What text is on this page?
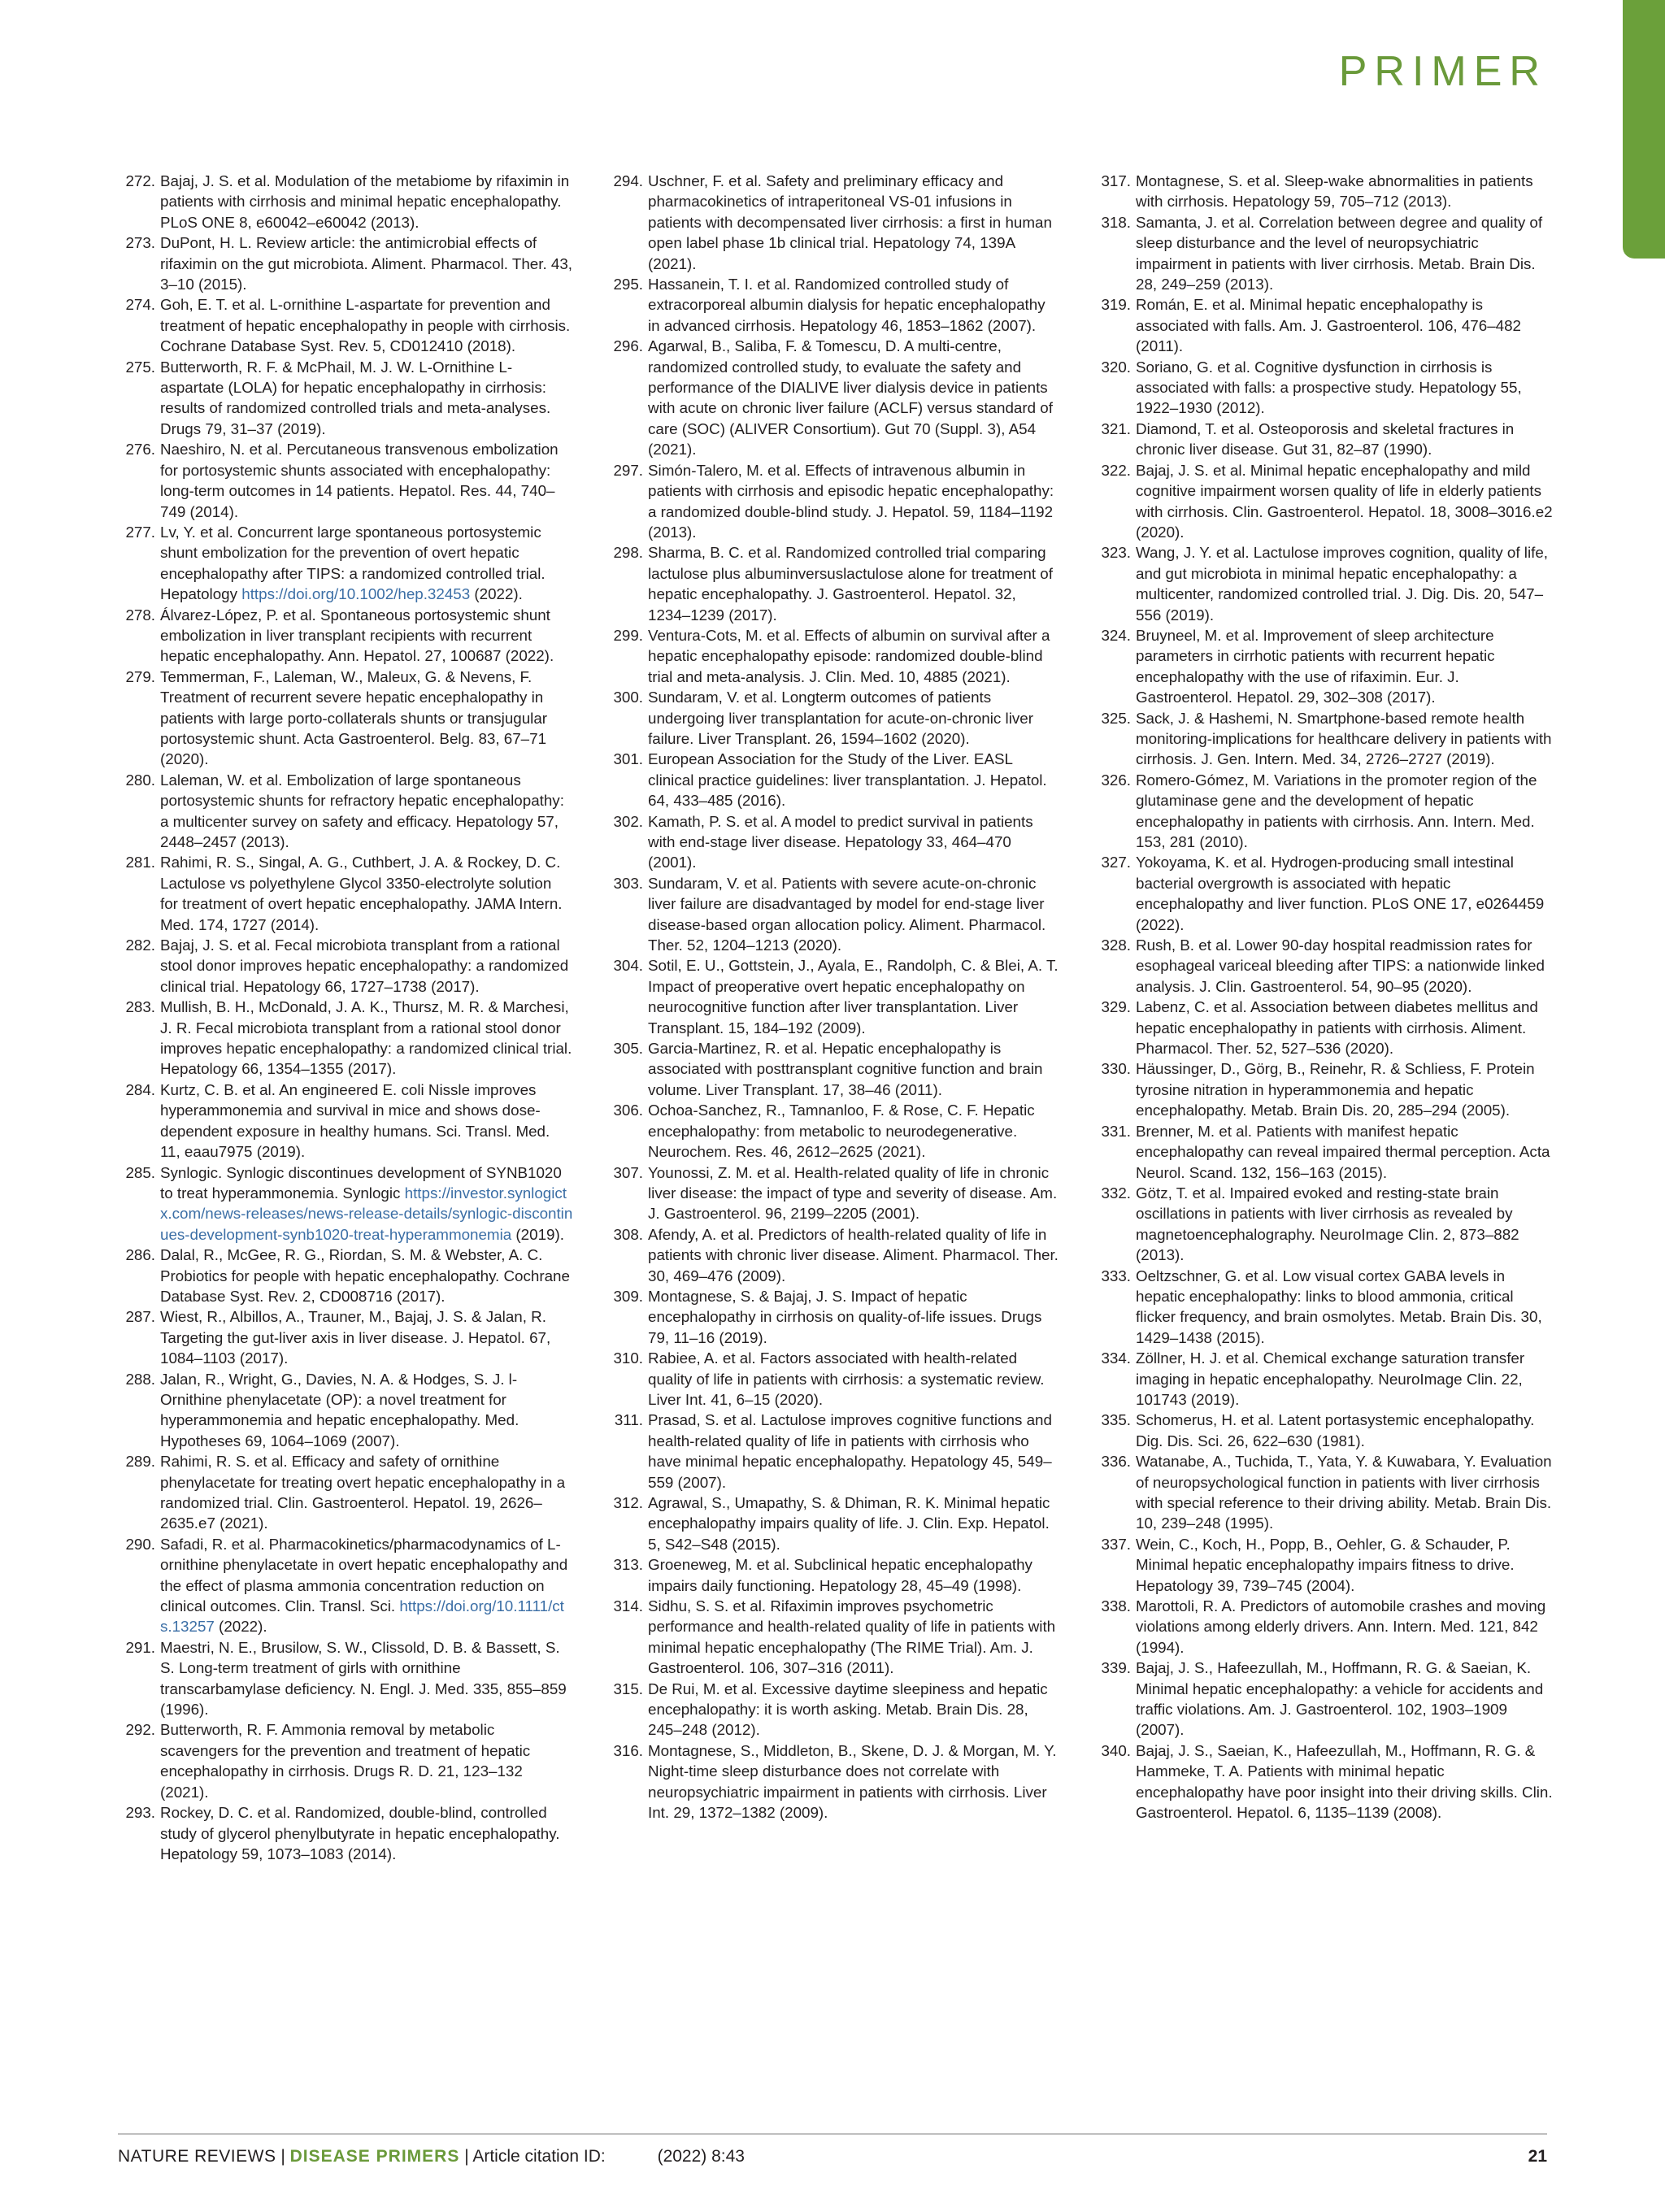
PRIMER

272. Bajaj, J. S. et al. Modulation of the metabiome by rifaximin in patients with cirrhosis and minimal hepatic encephalopathy. PLoS ONE 8, e60042–e60042 (2013).

273. DuPont, H. L. Review article: the antimicrobial effects of rifaximin on the gut microbiota. Aliment. Pharmacol. Ther. 43, 3–10 (2015).

274. Goh, E. T. et al. L-ornithine L-aspartate for prevention and treatment of hepatic encephalopathy in people with cirrhosis. Cochrane Database Syst. Rev. 5, CD012410 (2018).

275. Butterworth, R. F. & McPhail, M. J. W. L-Ornithine L-aspartate (LOLA) for hepatic encephalopathy in cirrhosis: results of randomized controlled trials and meta-analyses. Drugs 79, 31–37 (2019).

276. Naeshiro, N. et al. Percutaneous transvenous embolization for portosystemic shunts associated with encephalopathy: long-term outcomes in 14 patients. Hepatol. Res. 44, 740–749 (2014).

277. Lv, Y. et al. Concurrent large spontaneous portosystemic shunt embolization for the prevention of overt hepatic encephalopathy after TIPS: a randomized controlled trial. Hepatology https://doi.org/10.1002/hep.32453 (2022).

278. Álvarez-López, P. et al. Spontaneous portosystemic shunt embolization in liver transplant recipients with recurrent hepatic encephalopathy. Ann. Hepatol. 27, 100687 (2022).

279. Temmerman, F., Laleman, W., Maleux, G. & Nevens, F. Treatment of recurrent severe hepatic encephalopathy in patients with large porto-collaterals shunts or transjugular portosystemic shunt. Acta Gastroenterol. Belg. 83, 67–71 (2020).

280. Laleman, W. et al. Embolization of large spontaneous portosystemic shunts for refractory hepatic encephalopathy: a multicenter survey on safety and efficacy. Hepatology 57, 2448–2457 (2013).

281. Rahimi, R. S., Singal, A. G., Cuthbert, J. A. & Rockey, D. C. Lactulose vs polyethylene Glycol 3350-electrolyte solution for treatment of overt hepatic encephalopathy. JAMA Intern. Med. 174, 1727 (2014).

282. Bajaj, J. S. et al. Fecal microbiota transplant from a rational stool donor improves hepatic encephalopathy: a randomized clinical trial. Hepatology 66, 1727–1738 (2017).

283. Mullish, B. H., McDonald, J. A. K., Thursz, M. R. & Marchesi, J. R. Fecal microbiota transplant from a rational stool donor improves hepatic encephalopathy: a randomized clinical trial. Hepatology 66, 1354–1355 (2017).

284. Kurtz, C. B. et al. An engineered E. coli Nissle improves hyperammonemia and survival in mice and shows dose-dependent exposure in healthy humans. Sci. Transl. Med. 11, eaau7975 (2019).

285. Synlogic. Synlogic discontinues development of SYNB1020 to treat hyperammonemia. Synlogic https://investor.synlogictx.com/news-releases/news-release-details/synlogic-discontinues-development-synb1020-treat-hyperammonemia (2019).

286. Dalal, R., McGee, R. G., Riordan, S. M. & Webster, A. C. Probiotics for people with hepatic encephalopathy. Cochrane Database Syst. Rev. 2, CD008716 (2017).

287. Wiest, R., Albillos, A., Trauner, M., Bajaj, J. S. & Jalan, R. Targeting the gut-liver axis in liver disease. J. Hepatol. 67, 1084–1103 (2017).

288. Jalan, R., Wright, G., Davies, N. A. & Hodges, S. J. l-Ornithine phenylacetate (OP): a novel treatment for hyperammonemia and hepatic encephalopathy. Med. Hypotheses 69, 1064–1069 (2007).

289. Rahimi, R. S. et al. Efficacy and safety of ornithine phenylacetate for treating overt hepatic encephalopathy in a randomized trial. Clin. Gastroenterol. Hepatol. 19, 2626–2635.e7 (2021).

290. Safadi, R. et al. Pharmacokinetics/pharmacodynamics of L-ornithine phenylacetate in overt hepatic encephalopathy and the effect of plasma ammonia concentration reduction on clinical outcomes. Clin. Transl. Sci. https://doi.org/10.1111/cts.13257 (2022).

291. Maestri, N. E., Brusilow, S. W., Clissold, D. B. & Bassett, S. S. Long-term treatment of girls with ornithine transcarbamylase deficiency. N. Engl. J. Med. 335, 855–859 (1996).

292. Butterworth, R. F. Ammonia removal by metabolic scavengers for the prevention and treatment of hepatic encephalopathy in cirrhosis. Drugs R. D. 21, 123–132 (2021).

293. Rockey, D. C. et al. Randomized, double-blind, controlled study of glycerol phenylbutyrate in hepatic encephalopathy. Hepatology 59, 1073–1083 (2014).

294. Uschner, F. et al. Safety and preliminary efficacy and pharmacokinetics of intraperitoneal VS-01 infusions in patients with decompensated liver cirrhosis: a first in human open label phase 1b clinical trial. Hepatology 74, 139A (2021).

295. Hassanein, T. I. et al. Randomized controlled study of extracorporeal albumin dialysis for hepatic encephalopathy in advanced cirrhosis. Hepatology 46, 1853–1862 (2007).

296. Agarwal, B., Saliba, F. & Tomescu, D. A multi-centre, randomized controlled study, to evaluate the safety and performance of the DIALIVE liver dialysis device in patients with acute on chronic liver failure (ACLF) versus standard of care (SOC) (ALIVER Consortium). Gut 70 (Suppl. 3), A54 (2021).

297. Simón-Talero, M. et al. Effects of intravenous albumin in patients with cirrhosis and episodic hepatic encephalopathy: a randomized double-blind study. J. Hepatol. 59, 1184–1192 (2013).

298. Sharma, B. C. et al. Randomized controlled trial comparing lactulose plus albuminversuslactulose alone for treatment of hepatic encephalopathy. J. Gastroenterol. Hepatol. 32, 1234–1239 (2017).

299. Ventura-Cots, M. et al. Effects of albumin on survival after a hepatic encephalopathy episode: randomized double-blind trial and meta-analysis. J. Clin. Med. 10, 4885 (2021).

300. Sundaram, V. et al. Longterm outcomes of patients undergoing liver transplantation for acute-on-chronic liver failure. Liver Transplant. 26, 1594–1602 (2020).

301. European Association for the Study of the Liver. EASL clinical practice guidelines: liver transplantation. J. Hepatol. 64, 433–485 (2016).

302. Kamath, P. S. et al. A model to predict survival in patients with end-stage liver disease. Hepatology 33, 464–470 (2001).

303. Sundaram, V. et al. Patients with severe acute-on-chronic liver failure are disadvantaged by model for end-stage liver disease-based organ allocation policy. Aliment. Pharmacol. Ther. 52, 1204–1213 (2020).

304. Sotil, E. U., Gottstein, J., Ayala, E., Randolph, C. & Blei, A. T. Impact of preoperative overt hepatic encephalopathy on neurocognitive function after liver transplantation. Liver Transplant. 15, 184–192 (2009).

305. Garcia-Martinez, R. et al. Hepatic encephalopathy is associated with posttransplant cognitive function and brain volume. Liver Transplant. 17, 38–46 (2011).

306. Ochoa-Sanchez, R., Tamnanloo, F. & Rose, C. F. Hepatic encephalopathy: from metabolic to neurodegenerative. Neurochem. Res. 46, 2612–2625 (2021).

307. Younossi, Z. M. et al. Health-related quality of life in chronic liver disease: the impact of type and severity of disease. Am. J. Gastroenterol. 96, 2199–2205 (2001).

308. Afendy, A. et al. Predictors of health-related quality of life in patients with chronic liver disease. Aliment. Pharmacol. Ther. 30, 469–476 (2009).

309. Montagnese, S. & Bajaj, J. S. Impact of hepatic encephalopathy in cirrhosis on quality-of-life issues. Drugs 79, 11–16 (2019).

310. Rabiee, A. et al. Factors associated with health-related quality of life in patients with cirrhosis: a systematic review. Liver Int. 41, 6–15 (2020).

311. Prasad, S. et al. Lactulose improves cognitive functions and health-related quality of life in patients with cirrhosis who have minimal hepatic encephalopathy. Hepatology 45, 549–559 (2007).

312. Agrawal, S., Umapathy, S. & Dhiman, R. K. Minimal hepatic encephalopathy impairs quality of life. J. Clin. Exp. Hepatol. 5, S42–S48 (2015).

313. Groeneweg, M. et al. Subclinical hepatic encephalopathy impairs daily functioning. Hepatology 28, 45–49 (1998).

314. Sidhu, S. S. et al. Rifaximin improves psychometric performance and health-related quality of life in patients with minimal hepatic encephalopathy (The RIME Trial). Am. J. Gastroenterol. 106, 307–316 (2011).

315. De Rui, M. et al. Excessive daytime sleepiness and hepatic encephalopathy: it is worth asking. Metab. Brain Dis. 28, 245–248 (2012).

316. Montagnese, S., Middleton, B., Skene, D. J. & Morgan, M. Y. Night-time sleep disturbance does not correlate with neuropsychiatric impairment in patients with cirrhosis. Liver Int. 29, 1372–1382 (2009).

317. Montagnese, S. et al. Sleep-wake abnormalities in patients with cirrhosis. Hepatology 59, 705–712 (2013).

318. Samanta, J. et al. Correlation between degree and quality of sleep disturbance and the level of neuropsychiatric impairment in patients with liver cirrhosis. Metab. Brain Dis. 28, 249–259 (2013).

319. Román, E. et al. Minimal hepatic encephalopathy is associated with falls. Am. J. Gastroenterol. 106, 476–482 (2011).

320. Soriano, G. et al. Cognitive dysfunction in cirrhosis is associated with falls: a prospective study. Hepatology 55, 1922–1930 (2012).

321. Diamond, T. et al. Osteoporosis and skeletal fractures in chronic liver disease. Gut 31, 82–87 (1990).

322. Bajaj, J. S. et al. Minimal hepatic encephalopathy and mild cognitive impairment worsen quality of life in elderly patients with cirrhosis. Clin. Gastroenterol. Hepatol. 18, 3008–3016.e2 (2020).

323. Wang, J. Y. et al. Lactulose improves cognition, quality of life, and gut microbiota in minimal hepatic encephalopathy: a multicenter, randomized controlled trial. J. Dig. Dis. 20, 547–556 (2019).

324. Bruyneel, M. et al. Improvement of sleep architecture parameters in cirrhotic patients with recurrent hepatic encephalopathy with the use of rifaximin. Eur. J. Gastroenterol. Hepatol. 29, 302–308 (2017).

325. Sack, J. & Hashemi, N. Smartphone-based remote health monitoring-implications for healthcare delivery in patients with cirrhosis. J. Gen. Intern. Med. 34, 2726–2727 (2019).

326. Romero-Gómez, M. Variations in the promoter region of the glutaminase gene and the development of hepatic encephalopathy in patients with cirrhosis. Ann. Intern. Med. 153, 281 (2010).

327. Yokoyama, K. et al. Hydrogen-producing small intestinal bacterial overgrowth is associated with hepatic encephalopathy and liver function. PLoS ONE 17, e0264459 (2022).

328. Rush, B. et al. Lower 90-day hospital readmission rates for esophageal variceal bleeding after TIPS: a nationwide linked analysis. J. Clin. Gastroenterol. 54, 90–95 (2020).

329. Labenz, C. et al. Association between diabetes mellitus and hepatic encephalopathy in patients with cirrhosis. Aliment. Pharmacol. Ther. 52, 527–536 (2020).

330. Häussinger, D., Görg, B., Reinehr, R. & Schliess, F. Protein tyrosine nitration in hyperammonemia and hepatic encephalopathy. Metab. Brain Dis. 20, 285–294 (2005).

331. Brenner, M. et al. Patients with manifest hepatic encephalopathy can reveal impaired thermal perception. Acta Neurol. Scand. 132, 156–163 (2015).

332. Götz, T. et al. Impaired evoked and resting-state brain oscillations in patients with liver cirrhosis as revealed by magnetoencephalography. NeuroImage Clin. 2, 873–882 (2013).

333. Oeltzschner, G. et al. Low visual cortex GABA levels in hepatic encephalopathy: links to blood ammonia, critical flicker frequency, and brain osmolytes. Metab. Brain Dis. 30, 1429–1438 (2015).

334. Zöllner, H. J. et al. Chemical exchange saturation transfer imaging in hepatic encephalopathy. NeuroImage Clin. 22, 101743 (2019).

335. Schomerus, H. et al. Latent portasystemic encephalopathy. Dig. Dis. Sci. 26, 622–630 (1981).

336. Watanabe, A., Tuchida, T., Yata, Y. & Kuwabara, Y. Evaluation of neuropsychological function in patients with liver cirrhosis with special reference to their driving ability. Metab. Brain Dis. 10, 239–248 (1995).

337. Wein, C., Koch, H., Popp, B., Oehler, G. & Schauder, P. Minimal hepatic encephalopathy impairs fitness to drive. Hepatology 39, 739–745 (2004).

338. Marottoli, R. A. Predictors of automobile crashes and moving violations among elderly drivers. Ann. Intern. Med. 121, 842 (1994).

339. Bajaj, J. S., Hafeezullah, M., Hoffmann, R. G. & Saeian, K. Minimal hepatic encephalopathy: a vehicle for accidents and traffic violations. Am. J. Gastroenterol. 102, 1903–1909 (2007).

340. Bajaj, J. S., Saeian, K., Hafeezullah, M., Hoffmann, R. G. & Hammeke, T. A. Patients with minimal hepatic encephalopathy have poor insight into their driving skills. Clin. Gastroenterol. Hepatol. 6, 1135–1139 (2008).

NATURE REVIEWS | DISEASE PRIMERS | Article citation ID:	(2022) 8:43	21
